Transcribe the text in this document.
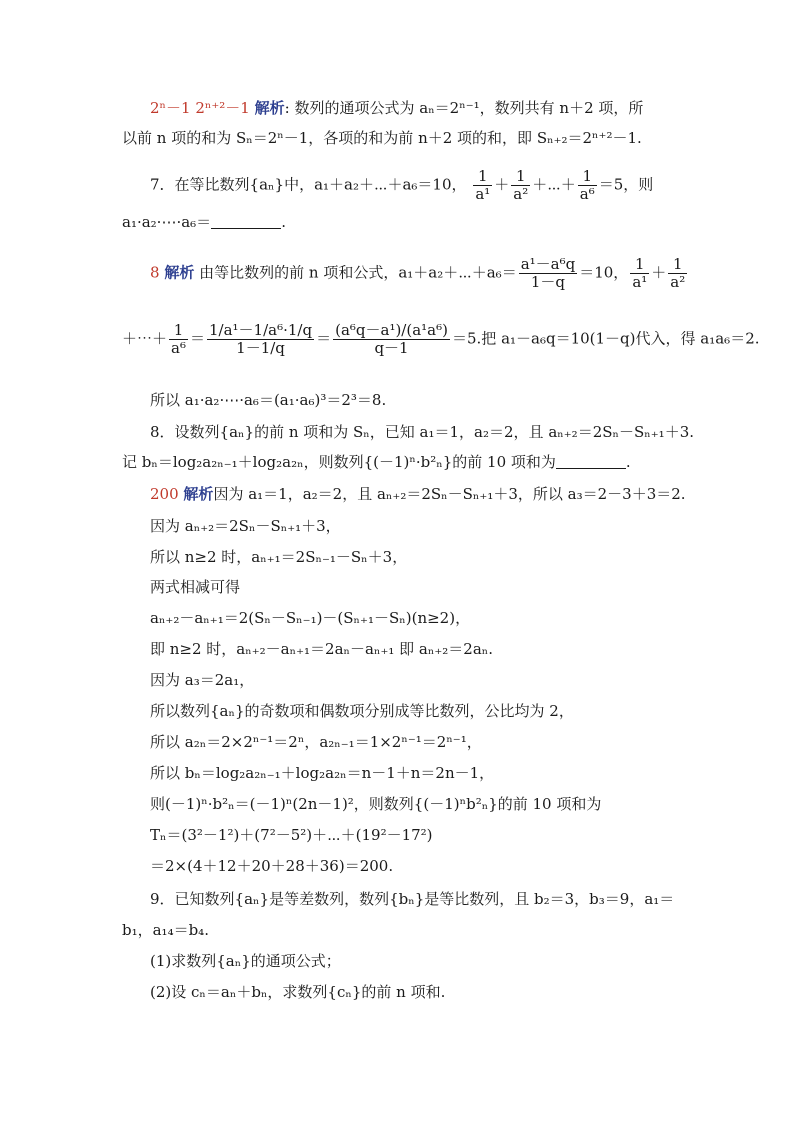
2ⁿ－1 2ⁿ⁺²－1 解析: 数列的通项公式为 aₙ＝2ⁿ⁻¹，数列共有 n＋2 项，所
以前 n 项的和为 Sₙ＝2ⁿ－1，各项的和为前 n＋2 项的和，即 Sₙ₊₂＝2ⁿ⁺²－1.
7．在等比数列{aₙ}中，a₁＋a₂＋⋯＋a₆＝10， $\frac{1}{\text{a¹}} + \frac{1}{\text{a²}}$ ＋⋯＋ $\frac{1}{\text{a⁶}} =5$，则
a₁·a₂·⋯·a₆＝	.
8 解析 由等比数列的前 n 项和公式，a₁＋a₂＋⋯＋a₆＝ $\frac{\text{a¹－a⁶q}}{1-q} =10$， $\frac{1}{\text{a¹}} + \frac{1}{\text{a²}}$
＋⋯＋ $\frac{1}{\text{a⁶}} = \frac{\text{1/a¹－1/a⁶·1/q}}{1-1/q} = \frac{\text{(a⁶q－a¹)/(a¹a⁶)}}{q-1} =5$.把 a₁－a₆q＝10(1－q)代入，得 a₁a₆＝2.
所以 a₁·a₂·⋯·a₆＝(a₁·a₆)³＝2³＝8.
8．设数列{aₙ}的前 n 项和为 Sₙ，已知 a₁＝1，a₂＝2，且 aₙ₊₂＝2Sₙ－Sₙ₊₁＋3.
记 bₙ＝log₂a₂ₙ₋₁＋log₂a₂ₙ，则数列{(－1)ⁿ·b²ₙ}的前 10 项和为	.
200 解析因为 a₁＝1，a₂＝2，且 aₙ₊₂＝2Sₙ－Sₙ₊₁＋3，所以 a₃＝2－3＋3＝2.
因为 aₙ₊₂＝2Sₙ－Sₙ₊₁＋3，
所以 n≥2 时，aₙ₊₁＝2Sₙ₋₁－Sₙ＋3，
两式相减可得
aₙ₊₂－aₙ₊₁＝2(Sₙ－Sₙ₋₁)－(Sₙ₊₁－Sₙ)(n≥2)，
即 n≥2 时，aₙ₊₂－aₙ₊₁＝2aₙ－aₙ₊₁ 即 aₙ₊₂＝2aₙ.
因为 a₃＝2a₁，
所以数列{aₙ}的奇数项和偶数项分别成等比数列，公比均为 2，
所以 a₂ₙ＝2×2ⁿ⁻¹＝2ⁿ，a₂ₙ₋₁＝1×2ⁿ⁻¹＝2ⁿ⁻¹，
所以 bₙ＝log₂a₂ₙ₋₁＋log₂a₂ₙ＝n－1＋n＝2n－1，
则(－1)ⁿ·b²ₙ＝(－1)ⁿ(2n－1)²，则数列{(－1)ⁿb²ₙ}的前 10 项和为
Tₙ＝(3²－1²)＋(7²－5²)＋⋯＋(19²－17²)
＝2×(4＋12＋20＋28＋36)＝200.
9．已知数列{aₙ}是等差数列，数列{bₙ}是等比数列，且 b₂＝3，b₃＝9，a₁＝
b₁，a₁₄＝b₄.
(1)求数列{aₙ}的通项公式；
(2)设 cₙ＝aₙ＋bₙ，求数列{cₙ}的前 n 项和.
